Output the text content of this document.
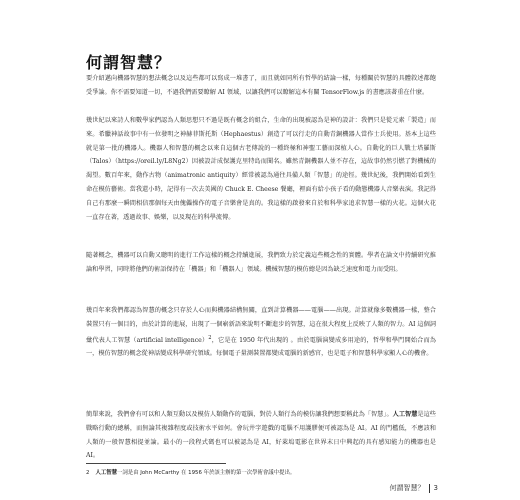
何謂智慧？

要介紹邁向機器智慧的想法概念以及這些都可以寫成一堆書了，而且就如同所有哲學的結論一樣，每種關於智慧的具體敘述都飽受爭論。你不需要知道一切，不過我們需要瞭解 AI 領域，以讓我們可以瞭解這本有關 TensorFlow.js 的書應該著重在什麼。

幾世紀以來詩人和數學家們認為人類思想只不過是既有概念的組合，生命的出現被認為是神的設計：我們只是從元素「製造」而來。希臘神話故事中有一位發明之神赫菲斯托斯（Hephaestus）創造了可以行走的自動青銅機器人當作士兵使用。基本上這些就是第一批的機器人。機器人和智慧的概念以來自這個古老傳說的一種終極和神聖工藝而深植人心。自動化的巨人戰士塔羅斯（Talos）（https://oreil.ly/L8Ng2）因被設計成保護克里特島而聞名。雖然青銅機器人並不存在，這故事仍然引燃了對機械的渴望。數百年來，動作古物（animatronic antiquity）經常被認為通往具備人類「智慧」的途徑。幾世紀後，我們開始看到生命在模仿藝術。當我還小時，記得有一次去美國的 Chuck E. Cheese 餐廳，裡面有給小孩子看的動態機器人音樂表演。我記得自己有那麼一瞬間相信那個每天由傀儡操作的電子音樂會是真的。我這樣的啟發來自於和科學家追求智慧一樣的火花。這個火花一直存在著，透過故事、娛樂，以及現在的科學流傳。

隨著概念，機器可以自動又聰明的進行工作這樣的概念持續進展，我們致力於定義這些概念性的實體。學者在論文中持續研究推論和學習，同時將他們的術語保持在「機器」和「機器人」領域。機械智慧的模仿總是因為缺乏速度和電力而受阻。

幾百年來我們都認為智慧的概念只存於人心而與機器結構無關，直到計算機器——電腦——出現。計算就像多數機器一樣，整合裝置只有一個目的，由於計算的進展，出現了一個嶄新語來說明不斷進步的智慧，這在很大程度上反映了人類的智力。AI 這個詞彙代表人工智慧（artificial intelligence）$^2$，它是在 1950 年代出現的 。由於電腦演變成多用途的，哲學和學門開始合而為一，模仿智慧的概念從神話變成科學研究領域。每個電子量測裝置都變成電腦的新感官，也是電子和智慧科學家顯人心的機會。

簡單來說，我們會有可以和人類互動以及模仿人類動作的電腦，對於人類行為的模仿讓我們想要稱此為「智慧」。人工智慧是這些戰略行動的總稱，而無論其複雜程度或技術水平如何。會玩井字遊戲的電腦不用護膠便可被認為是 AI。AI 的門檻低，不應該和人類的一般智慧相提並論。最小的一段程式碼也可以被認為是 AI，好萊塢電影在世界末日中興起的具有感知能力的機器也是 AI。

2 人工智慧一詞是由 John McCarthy 在 1956 年於該主辦的第一次學術會議中提出。
何謂智慧？ 3
